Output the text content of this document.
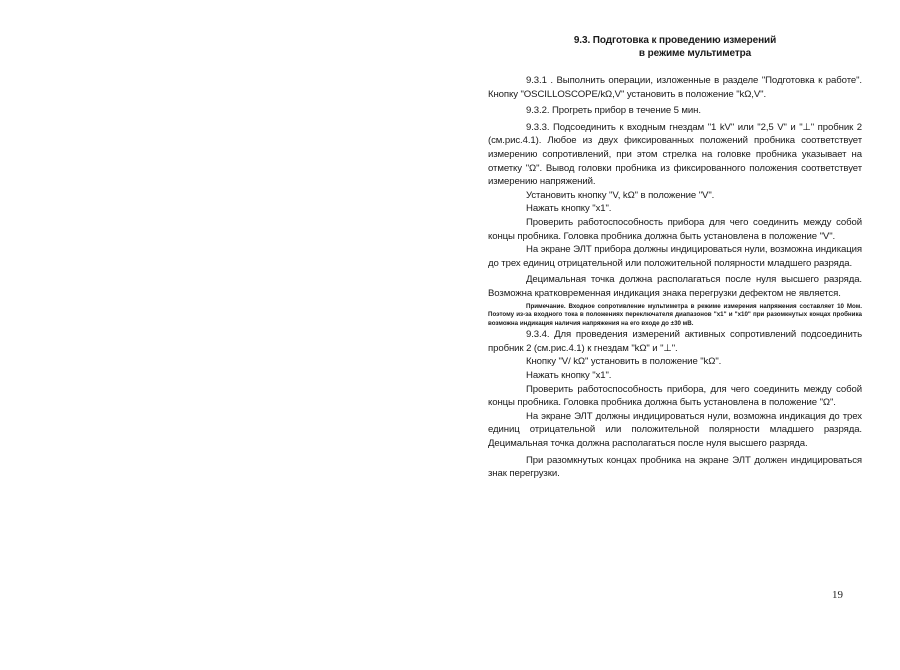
9.3. Подготовка к проведению измерений
в режиме мультиметра

9.3.1 . Выполнить операции, изложенные в разделе "Подготовка к работе". Кнопку "OSCILLOSCOPE/kΩ,V" установить в положение "kΩ,V".

9.3.2. Прогреть прибор в течение 5 мин.

9.3.3. Подсоединить к входным гнездам "1 kV" или "2,5 V" и "⊥" пробник 2 (см.рис.4.1). Любое из двух фиксированных положений пробника соответствует измерению сопротивлений, при этом стрелка на головке пробника указывает на отметку "Ω". Вывод головки пробника из фиксированного положения соответствует измерению напряжений.

Установить кнопку "V, kΩ" в положение "V".

Нажать кнопку "x1".

Проверить работоспособность прибора для чего соединить между собой концы пробника. Головка пробника должна быть установлена в положение "V".

На экране ЭЛТ прибора должны индицироваться нули, возможна индикация до трех единиц отрицательной или положительной полярности младшего разряда.

Децимальная точка должна располагаться после нуля высшего разряда. Возможна кратковременная индикация знака перегрузки дефектом не является.

Примечание. Входное сопротивление мультиметра в режиме измерения напряжения составляет 10 Мом. Поэтому из-за входного тока в положениях переключателя диапазонов "x1" и "x10" при разомкнутых концах пробника возможна индикация наличия напряжения на его входе до ±30 мВ.

9.3.4. Для проведения измерений активных сопротивлений подсоединить пробник 2 (см.рис.4.1) к гнездам "kΩ" и "⊥".

Кнопку "V/ kΩ" установить в положение "kΩ".

Нажать кнопку "x1".

Проверить работоспособность прибора, для чего соединить между собой концы пробника. Головка пробника должна быть установлена в положение "Ω".

На экране ЭЛТ должны индицироваться нули, возможна индикация до трех единиц отрицательной или положительной полярности младшего разряда. Децимальная точка должна располагаться после нуля высшего разряда.

При разомкнутых концах пробника на экране ЭЛТ должен индицироваться знак перегрузки.

19
